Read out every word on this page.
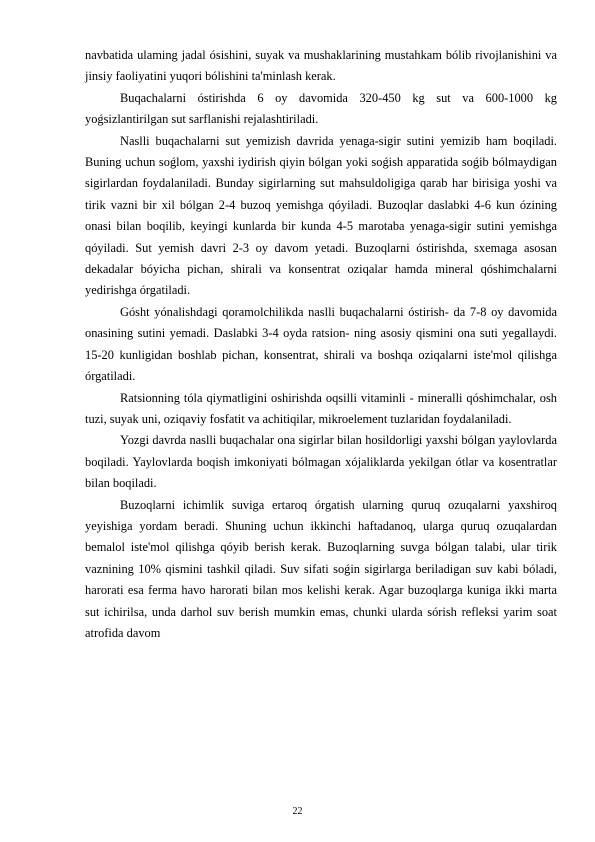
navbatida ulaming jadal ósishini, suyak va mushaklarining mustahkam bólib rivojlanishini va jinsiy faoliyatini yuqori bólishini ta'minlash kerak.

Buqachalarni óstirishda 6 oy davomida 320-450 kg sut va 600-1000 kg yoǵsizlantirilgan sut sarflanishi rejalashtiriladi.

Naslli buqachalarni sut yemizish davrida yenaga-sigir sutini yemizib ham boqiladi. Buning uchun soǵlom, yaxshi iydirish qiyin bólgan yoki soǵish apparatida soǵib bólmaydigan sigirlardan foydalaniladi. Bunday sigirlarning sut mahsuldoligiga qarab har birisiga yoshi va tirik vazni bir xil bólgan 2-4 buzoq yemishga qóyiladi. Buzoqlar daslabki 4-6 kun ózining onasi bilan boqilib, keyingi kunlarda bir kunda 4-5 marotaba yenaga-sigir sutini yemishga qóyiladi. Sut yemish davri 2-3 oy davom yetadi. Buzoqlarni óstirishda, sxemaga asosan dekadalar bóyicha pichan, shirali va konsentrat oziqalar hamda mineral qóshimchalarni yedirishga órgatiladi.

Gósht yónalishdagi qoramolchilikda naslli buqachalarni óstirish- da 7-8 oy davomida onasining sutini yemadi. Daslabki 3-4 oyda ratsion- ning asosiy qismini ona suti yegallaydi. 15-20 kunligidan boshlab pichan, konsentrat, shirali va boshqa oziqalarni iste'mol qilishga órgatiladi.

Ratsionning tóla qiymatligini oshirishda oqsilli vitaminli - mineralli qóshimchalar, osh tuzi, suyak uni, oziqaviy fosfatit va achitiqilar, mikroelement tuzlaridan foydalaniladi.

Yozgi davrda naslli buqachalar ona sigirlar bilan hosildorligi yaxshi bólgan yaylovlarda boqiladi. Yaylovlarda boqish imkoniyati bólmagan xójaliklarda yekilgan ótlar va kosentratlar bilan boqiladi.

Buzoqlarni ichimlik suviga ertaroq órgatish ularning quruq ozuqalarni yaxshiroq yeyishiga yordam beradi. Shuning uchun ikkinchi haftadanoq, ularga quruq ozuqalardan bemalol iste'mol qilishga qóyib berish kerak. Buzoqlarning suvga bólgan talabi, ular tirik vaznining 10% qismini tashkil qiladi. Suv sifati soǵin sigirlarga beriladigan suv kabi bóladi, harorati esa ferma havo harorati bilan mos kelishi kerak. Agar buzoqlarga kuniga ikki marta sut ichirilsa, unda darhol suv berish mumkin emas, chunki ularda sórish refleksi yarim soat atrofida davom

22
